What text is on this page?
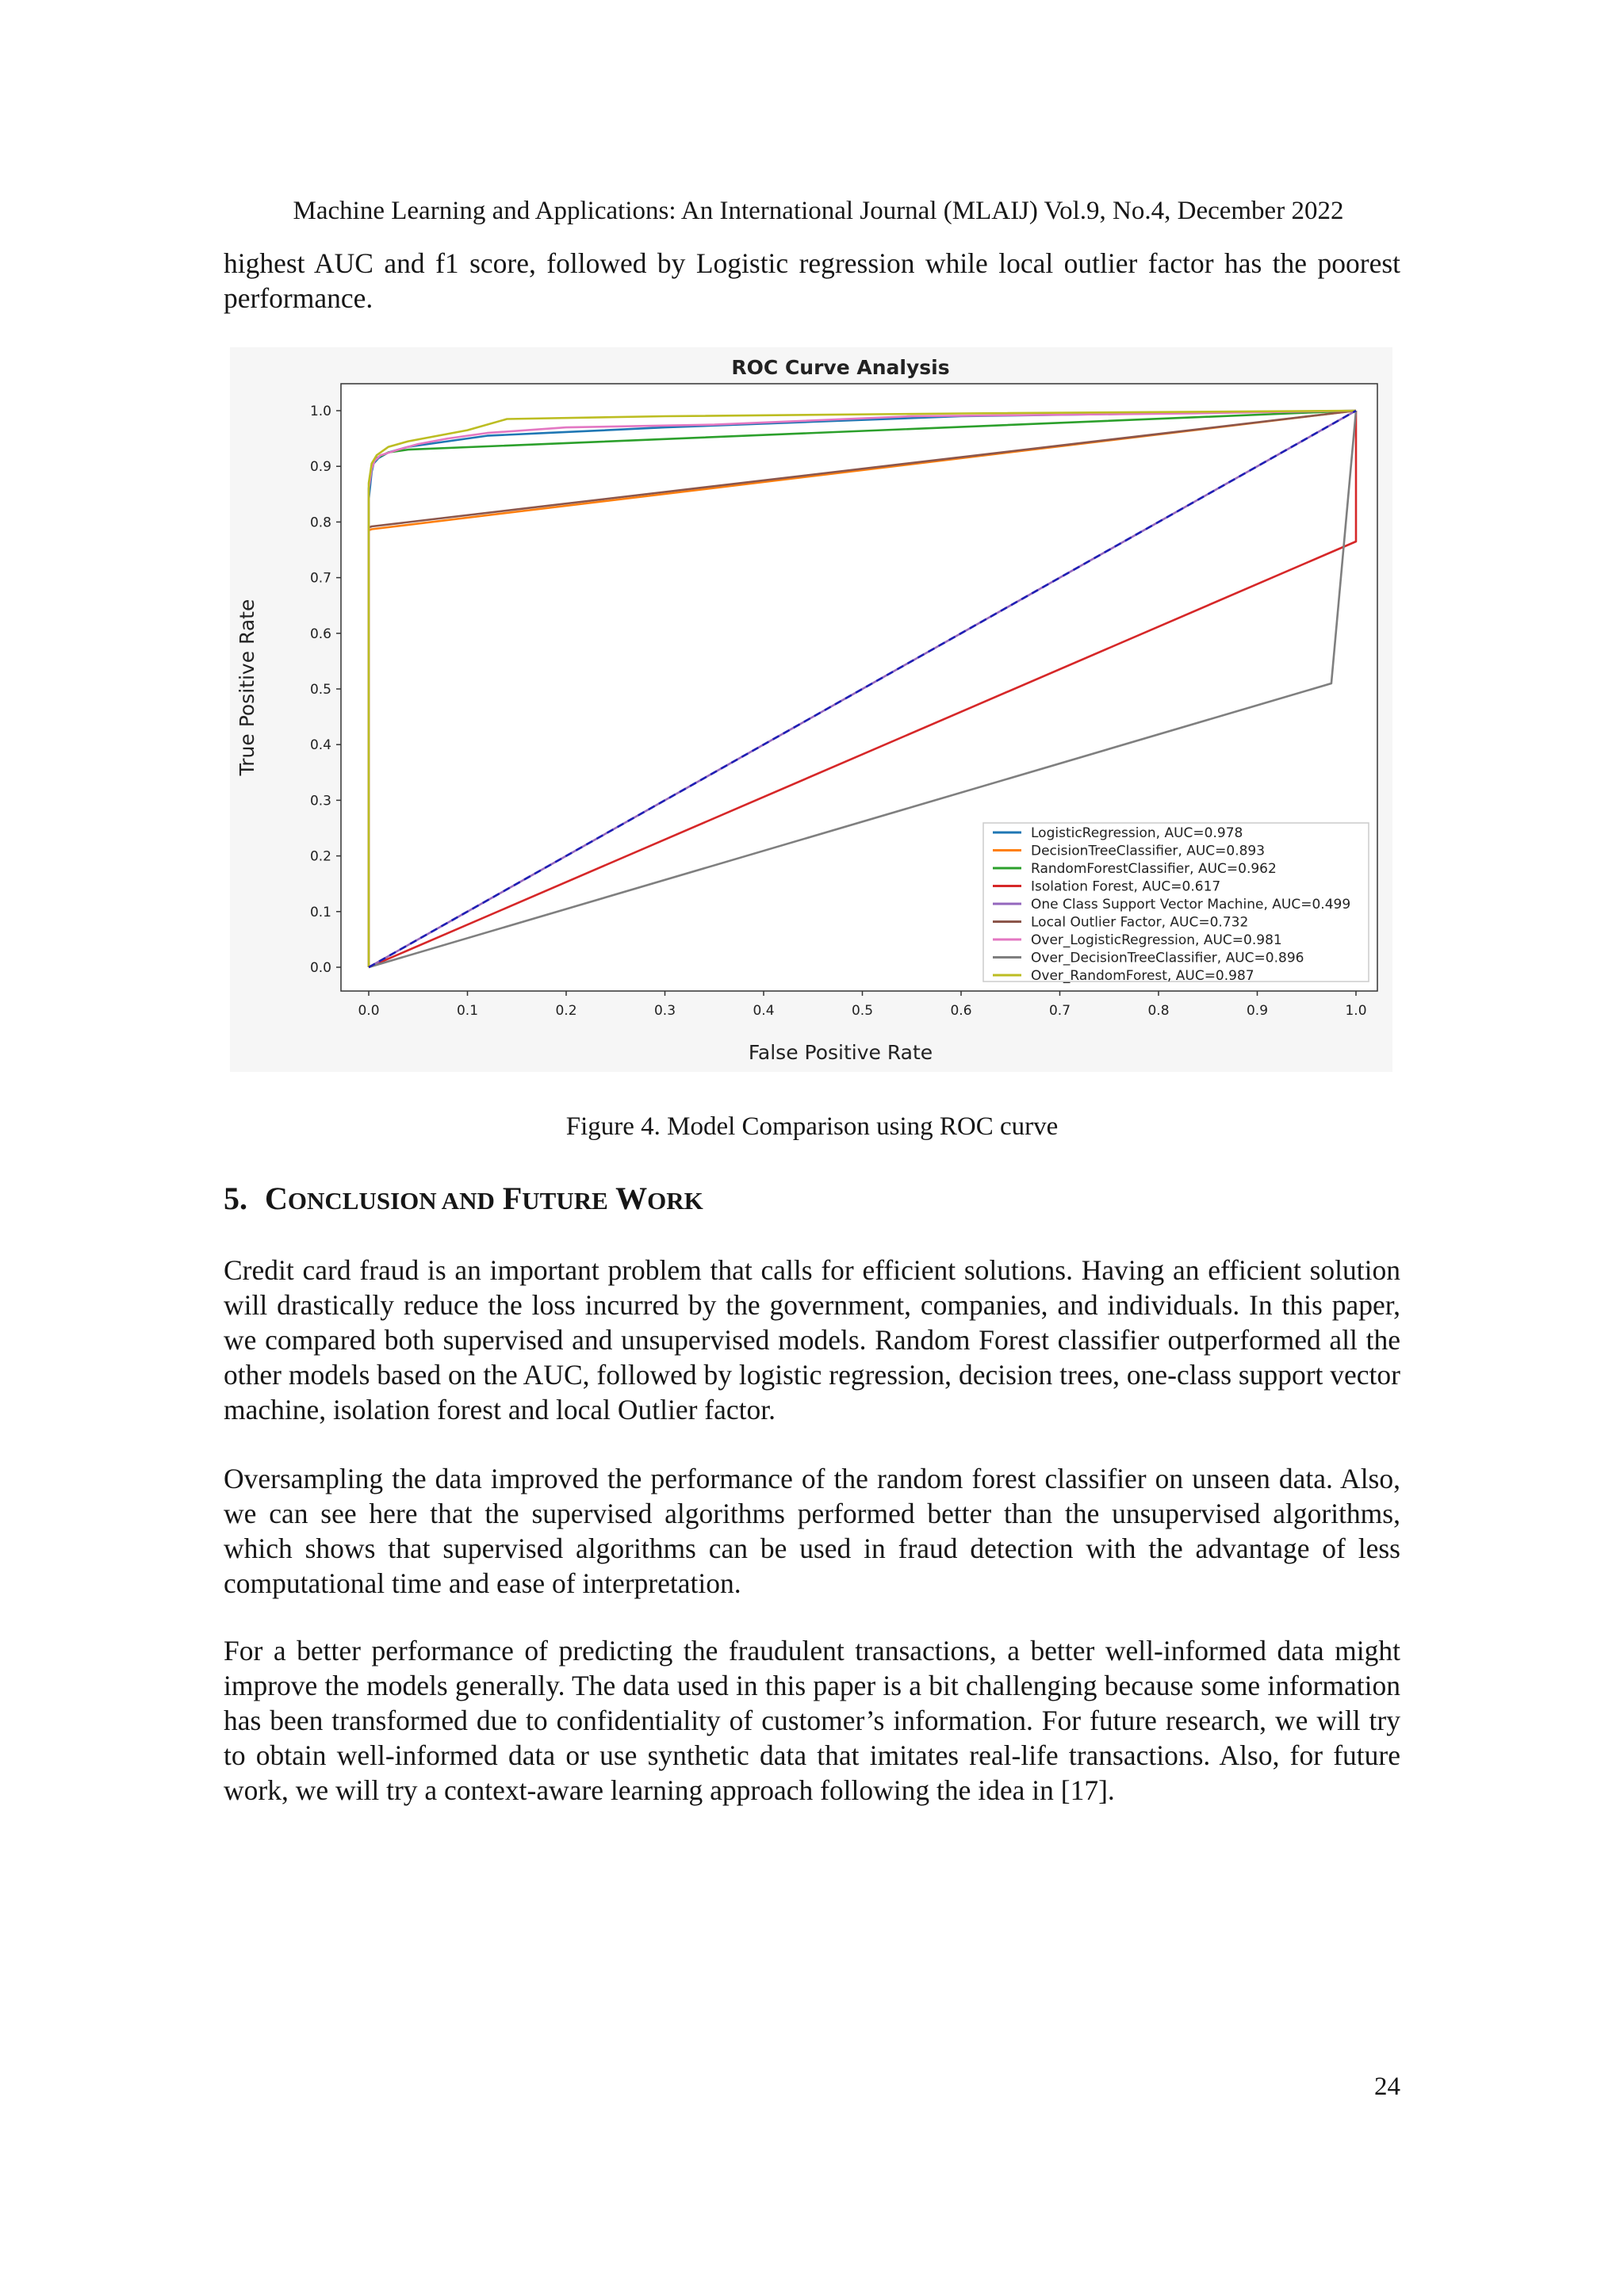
Machine Learning and Applications: An International Journal (MLAIJ) Vol.9, No.4, December 2022

highest AUC and f1 score, followed by Logistic regression while local outlier factor has the poorest performance.

ROC Curve Analysis
0.0	0.1	0.2	0.3	0.4	0.5	0.6	0.7	0.8	0.9	1.0
0.0
0.1
0.2
0.3
0.4
0.5
0.6
0.7
0.8
0.9
1.0
False Positive Rate
True Positive Rate
LogisticRegression, AUC=0.978
DecisionTreeClassifier, AUC=0.893
RandomForestClassifier, AUC=0.962
Isolation Forest, AUC=0.617
One Class Support Vector Machine, AUC=0.499
Local Outlier Factor, AUC=0.732
Over_LogisticRegression, AUC=0.981
Over_DecisionTreeClassifier, AUC=0.896
Over_RandomForest, AUC=0.987
Figure 4. Model Comparison using ROC curve
5. CONCLUSION AND FUTURE WORK

Credit card fraud is an important problem that calls for efficient solutions. Having an efficient solution will drastically reduce the loss incurred by the government, companies, and individuals. In this paper, we compared both supervised and unsupervised models. Random Forest classifier outperformed all the other models based on the AUC, followed by logistic regression, decision trees, one-class support vector machine, isolation forest and local Outlier factor.

Oversampling the data improved the performance of the random forest classifier on unseen data. Also, we can see here that the supervised algorithms performed better than the unsupervised algorithms, which shows that supervised algorithms can be used in fraud detection with the advantage of less computational time and ease of interpretation.

For a better performance of predicting the fraudulent transactions, a better well-informed data might improve the models generally. The data used in this paper is a bit challenging because some information has been transformed due to confidentiality of customer’s information. For future research, we will try to obtain well-informed data or use synthetic data that imitates real-life transactions. Also, for future work, we will try a context-aware learning approach following the idea in [17].

24
